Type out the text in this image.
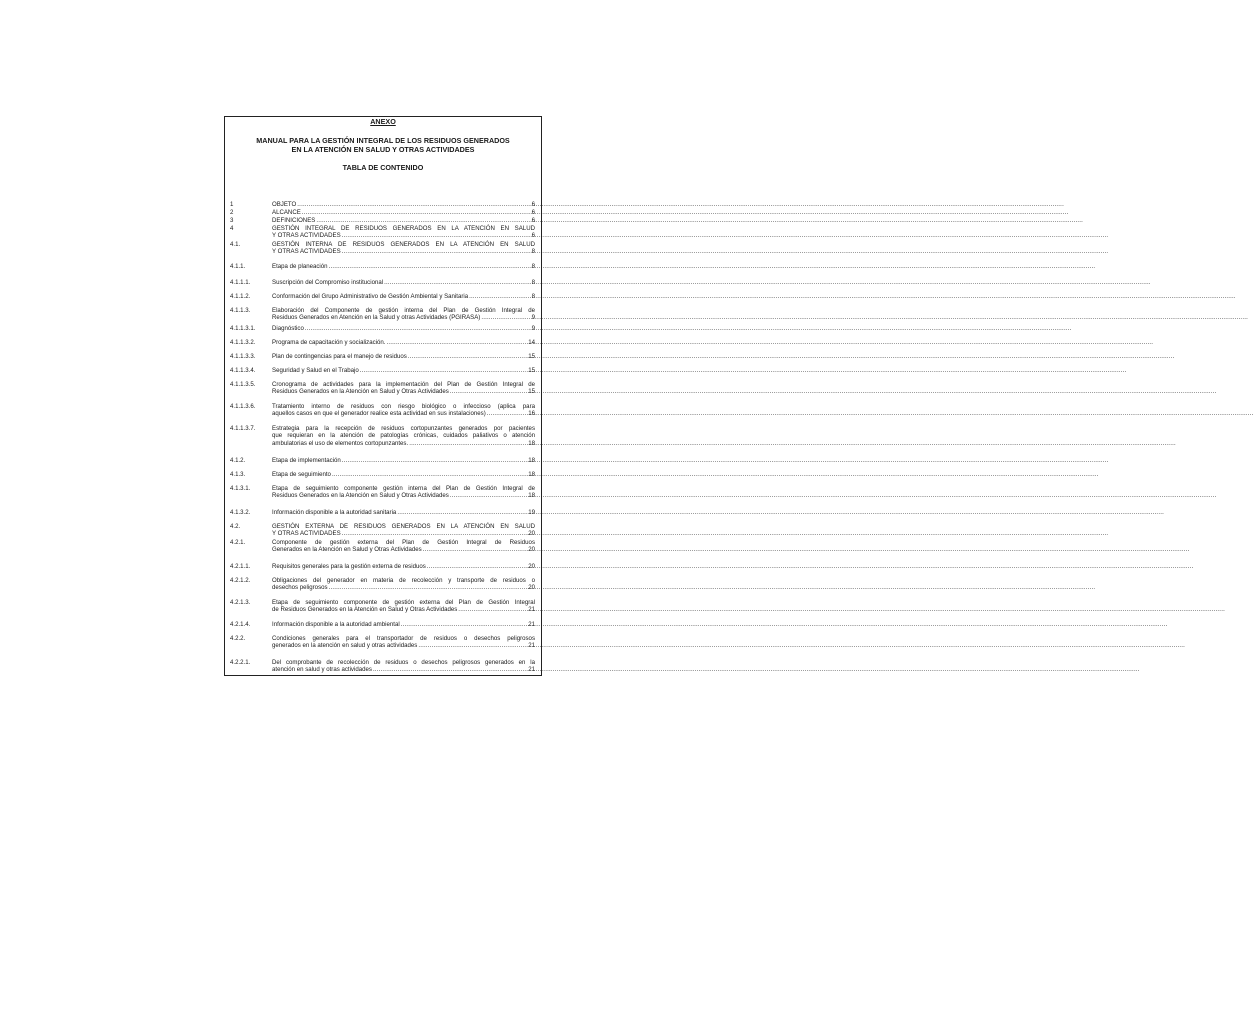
ANEXO
MANUAL PARA LA GESTIÓN INTEGRAL DE LOS RESIDUOS GENERADOS
EN LA ATENCIÓN EN SALUD Y OTRAS ACTIVIDADES
TABLA DE CONTENIDO
1	OBJETO .....	6
2	ALCANCE .....	6
3	DEFINICIONES .....	6
4	GESTIÓN INTEGRAL DE RESIDUOS GENERADOS EN LA ATENCIÓN EN SALUD
Y OTRAS ACTIVIDADES .....	6
4.1.	GESTIÓN INTERNA DE RESIDUOS GENERADOS EN LA ATENCIÓN EN SALUD
Y OTRAS ACTIVIDADES .....	8
4.1.1.	Etapa de planeación .....	8
4.1.1.1.	Suscripción del Compromiso institucional .....	8
4.1.1.2.	Conformación del Grupo Administrativo de Gestión Ambiental y Sanitaria .....	8
4.1.1.3.	Elaboración del Componente de gestión interna del Plan de Gestión Integral de
Residuos Generados en Atención en la Salud y otras Actividades (PGIRASA) .....	9
4.1.1.3.1.	Diagnóstico .....	9
4.1.1.3.2.	Programa de capacitación y socialización. .....	14
4.1.1.3.3.	Plan de contingencias para el manejo de residuos .....	15
4.1.1.3.4.	Seguridad y Salud en el Trabajo .....	15
4.1.1.3.5.	Cronograma de actividades para la implementación del Plan de Gestión Integral de
Residuos Generados en la Atención en Salud y Otras Actividades .....	15
4.1.1.3.6.	Tratamiento interno de residuos con riesgo biológico o infeccioso (aplica para
aquellos casos en que el generador realice esta actividad en sus instalaciones) .....	16
4.1.1.3.7.	Estrategia para la recepción de residuos cortopunzantes generados por pacientes
que requieran en la atención de patologías crónicas, cuidados paliativos o atención
ambulatorias el uso de elementos cortopunzantes. .....	18
4.1.2.	Etapa de implementación .....	18
4.1.3.	Etapa de seguimiento .....	18
4.1.3.1.	Etapa de seguimiento componente gestión interna del Plan de Gestión Integral de
Residuos Generados en la Atención en Salud y Otras Actividades .....	18
4.1.3.2.	Información disponible a la autoridad sanitaria .....	19
4.2.	GESTIÓN EXTERNA DE RESIDUOS GENERADOS EN LA ATENCIÓN EN SALUD
Y OTRAS ACTIVIDADES .....	20
4.2.1.	Componente de gestión externa del Plan de Gestión Integral de Residuos
Generados en la Atención en Salud y Otras Actividades .....	20
4.2.1.1.	Requisitos generales para la gestión externa de residuos .....	20
4.2.1.2.	Obligaciones del generador en materia de recolección y transporte de residuos o
desechos peligrosos .....	20
4.2.1.3.	Etapa de seguimiento componente de gestión externa del Plan de Gestión Integral
de Residuos Generados en la Atención en Salud y Otras Actividades .....	21
4.2.1.4.	Información disponible a la autoridad ambiental .....	21
4.2.2.	Condiciones generales para el transportador de residuos o desechos peligrosos
generados en la atención en salud y otras actividades .....	21
4.2.2.1.	Del comprobante de recolección de residuos o desechos peligrosos generados en la
atención en salud y otras actividades .....	21
